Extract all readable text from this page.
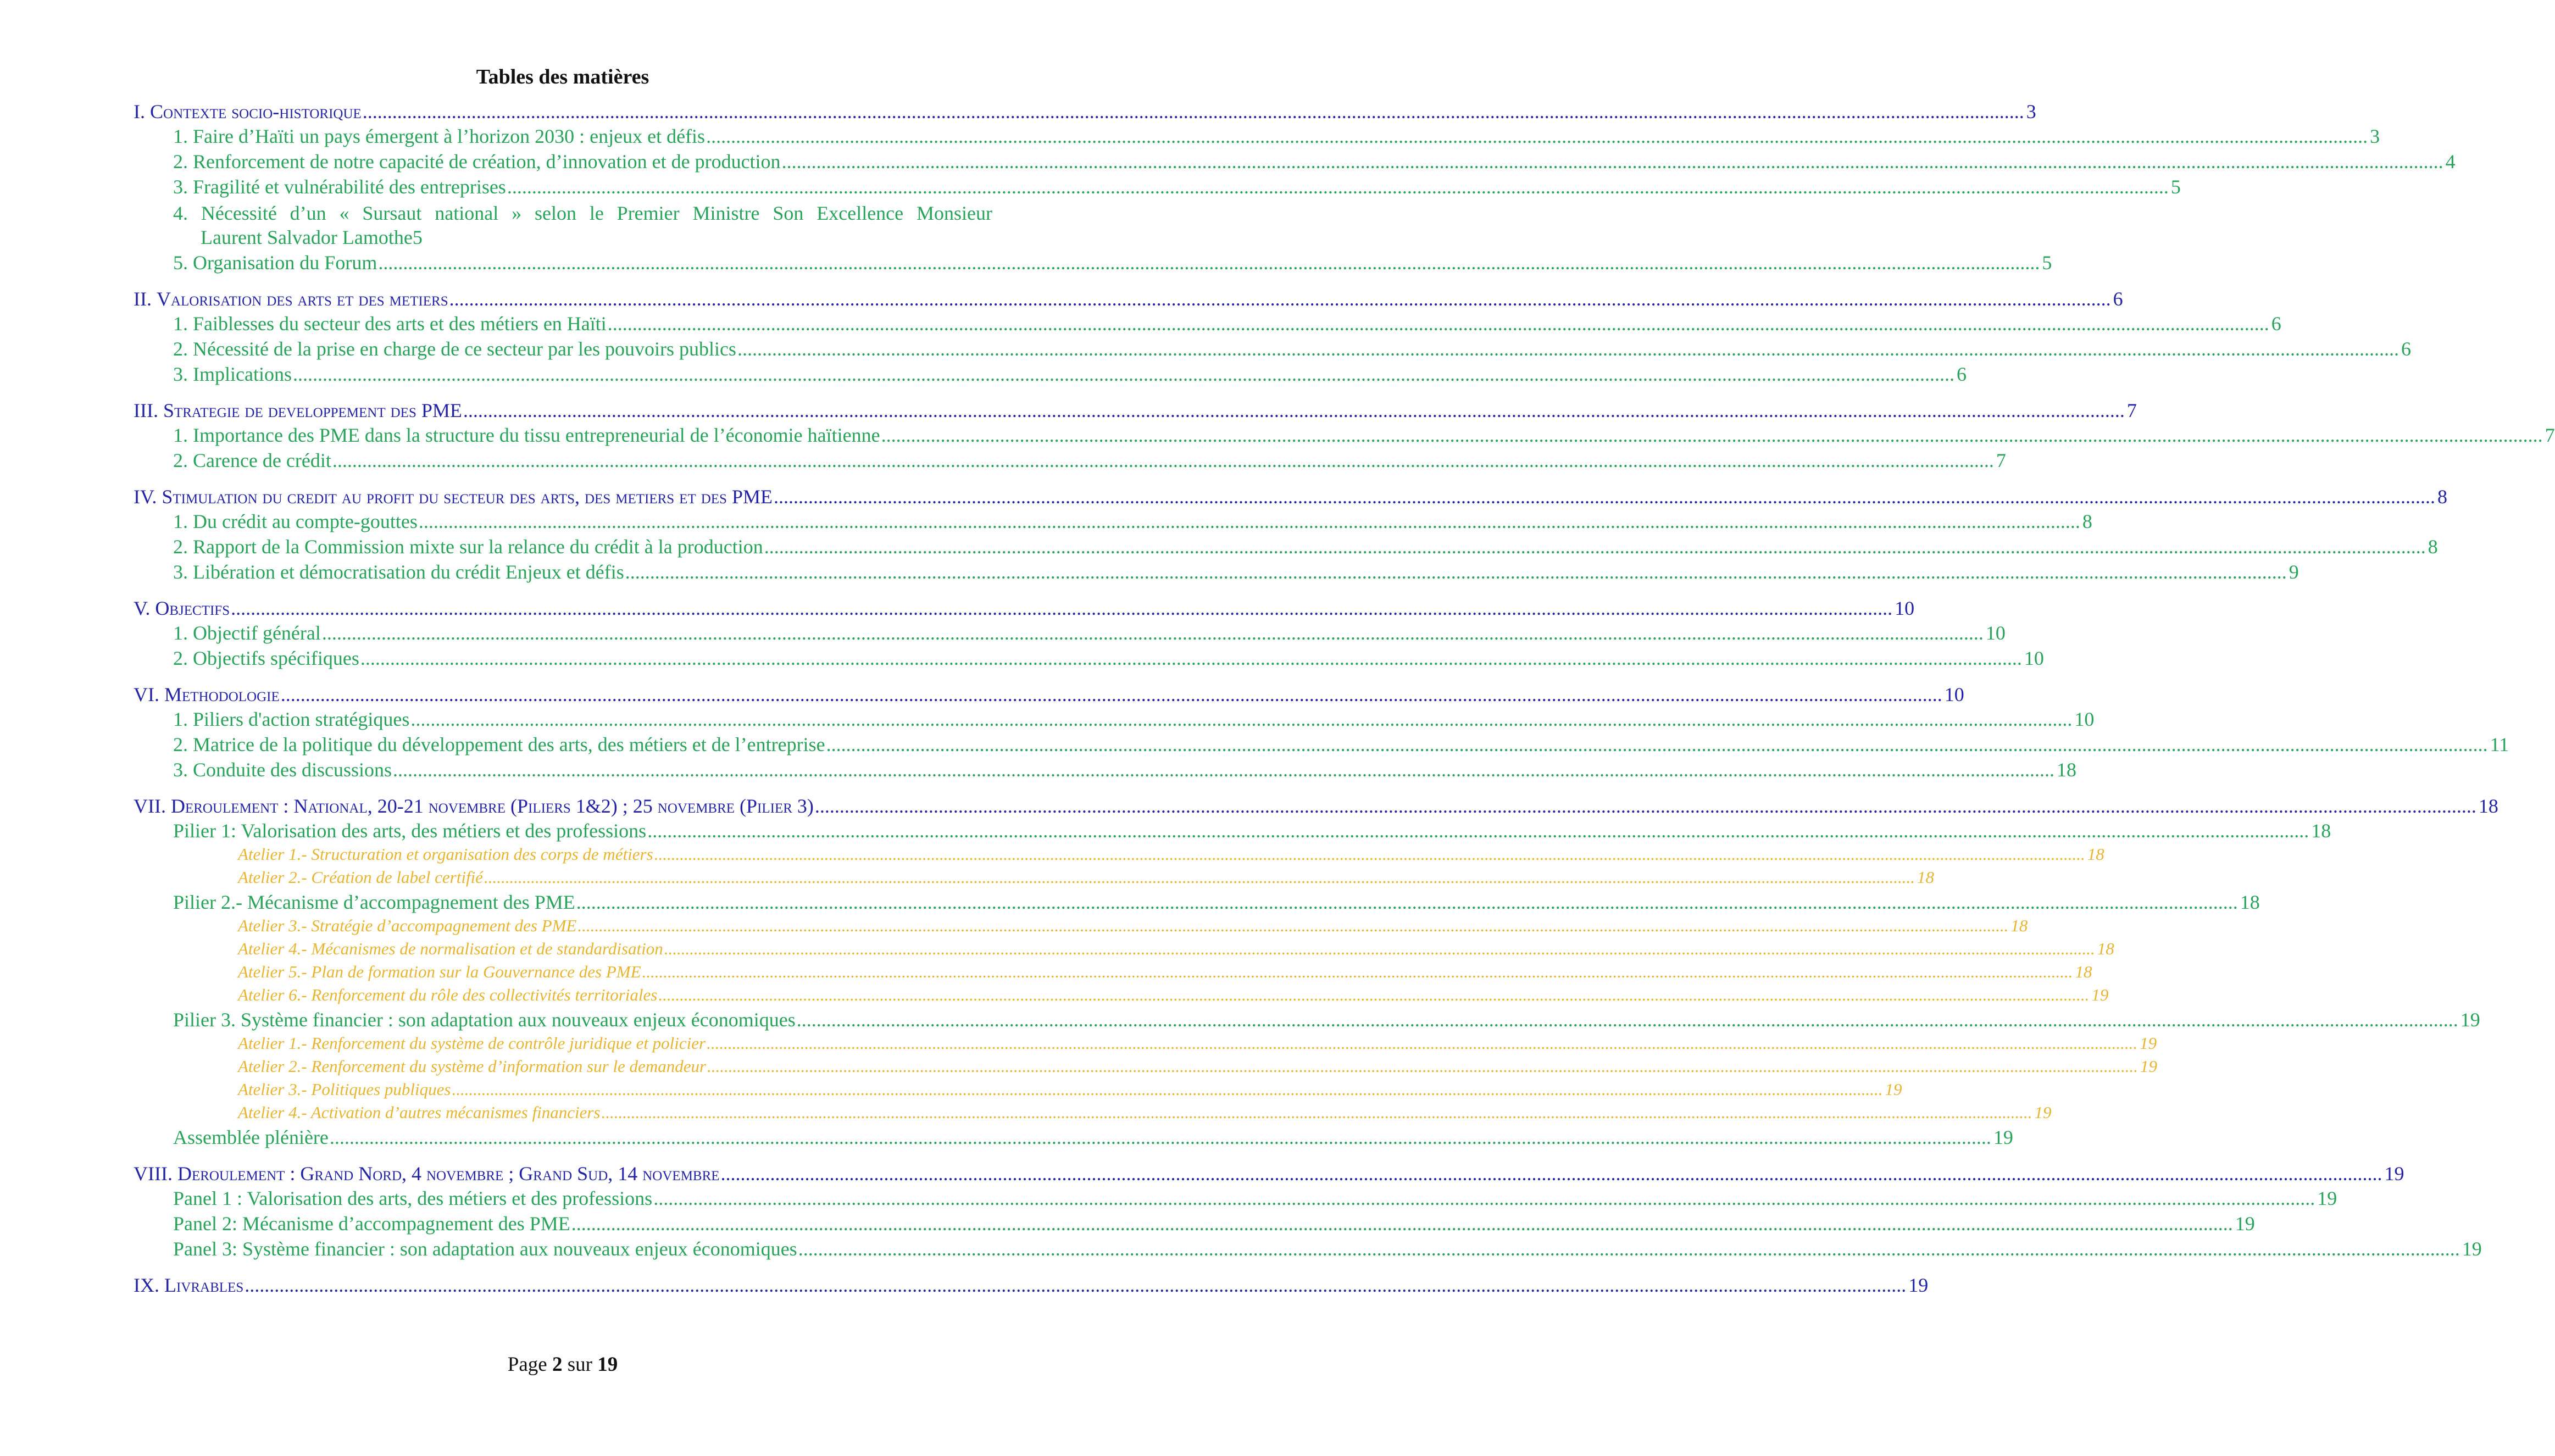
Tables des matières
I. Contexte socio-historique .....	3
1. Faire d’Haïti un pays émergent à l’horizon 2030 : enjeux et défis .....	3
2. Renforcement de notre capacité de création, d’innovation et de production .....	4
3. Fragilité et vulnérabilité des entreprises .....	5
4. Nécessité d’un « Sursaut national » selon le Premier Ministre Son Excellence Monsieur
Laurent Salvador Lamothe 5
5. Organisation du Forum .....	5
II. Valorisation des arts et des metiers .....	6
1. Faiblesses du secteur des arts et des métiers en Haïti .....	6
2. Nécessité de la prise en charge de ce secteur par les pouvoirs publics .....	6
3. Implications .....	6
III. Strategie de developpement des PME .....	7
1. Importance des PME dans la structure du tissu entrepreneurial de l’économie haïtienne .....	7
2. Carence de crédit .....	7
IV. Stimulation du credit au profit du secteur des arts, des metiers et des PME .....	8
1. Du crédit au compte-gouttes .....	8
2. Rapport de la Commission mixte sur la relance du crédit à la production .....	8
3. Libération et démocratisation du crédit Enjeux et défis .....	9
V. Objectifs .....	10
1. Objectif général .....	10
2. Objectifs spécifiques .....	10
VI. Methodologie .....	10
1. Piliers d'action stratégiques .....	10
2. Matrice de la politique du développement des arts, des métiers et de l’entreprise .....	11
3. Conduite des discussions .....	18
VII. Deroulement : National, 20-21 novembre (Piliers 1&2) ; 25 novembre (Pilier 3) .....	18
Pilier 1: Valorisation des arts, des métiers et des professions .....	18
Atelier 1.- Structuration et organisation des corps de métiers .....	18
Atelier 2.- Création de label certifié .....	18
Pilier 2.- Mécanisme d’accompagnement des PME .....	18
Atelier 3.- Stratégie d’accompagnement des PME .....	18
Atelier 4.- Mécanismes de normalisation et de standardisation .....	18
Atelier 5.- Plan de formation sur la Gouvernance des PME .....	18
Atelier 6.- Renforcement du rôle des collectivités territoriales .....	19
Pilier 3. Système financier : son adaptation aux nouveaux enjeux économiques .....	19
Atelier 1.- Renforcement du système de contrôle juridique et policier .....	19
Atelier 2.- Renforcement du système d’information sur le demandeur .....	19
Atelier 3.- Politiques publiques .....	19
Atelier 4.- Activation d’autres mécanismes financiers .....	19
Assemblée plénière .....	19
VIII. Deroulement : Grand Nord, 4 novembre ; Grand Sud, 14 novembre .....	19
Panel 1 : Valorisation des arts, des métiers et des professions .....	19
Panel 2: Mécanisme d’accompagnement des PME .....	19
Panel 3: Système financier : son adaptation aux nouveaux enjeux économiques .....	19
IX. Livrables .....	19
Page 2 sur 19
